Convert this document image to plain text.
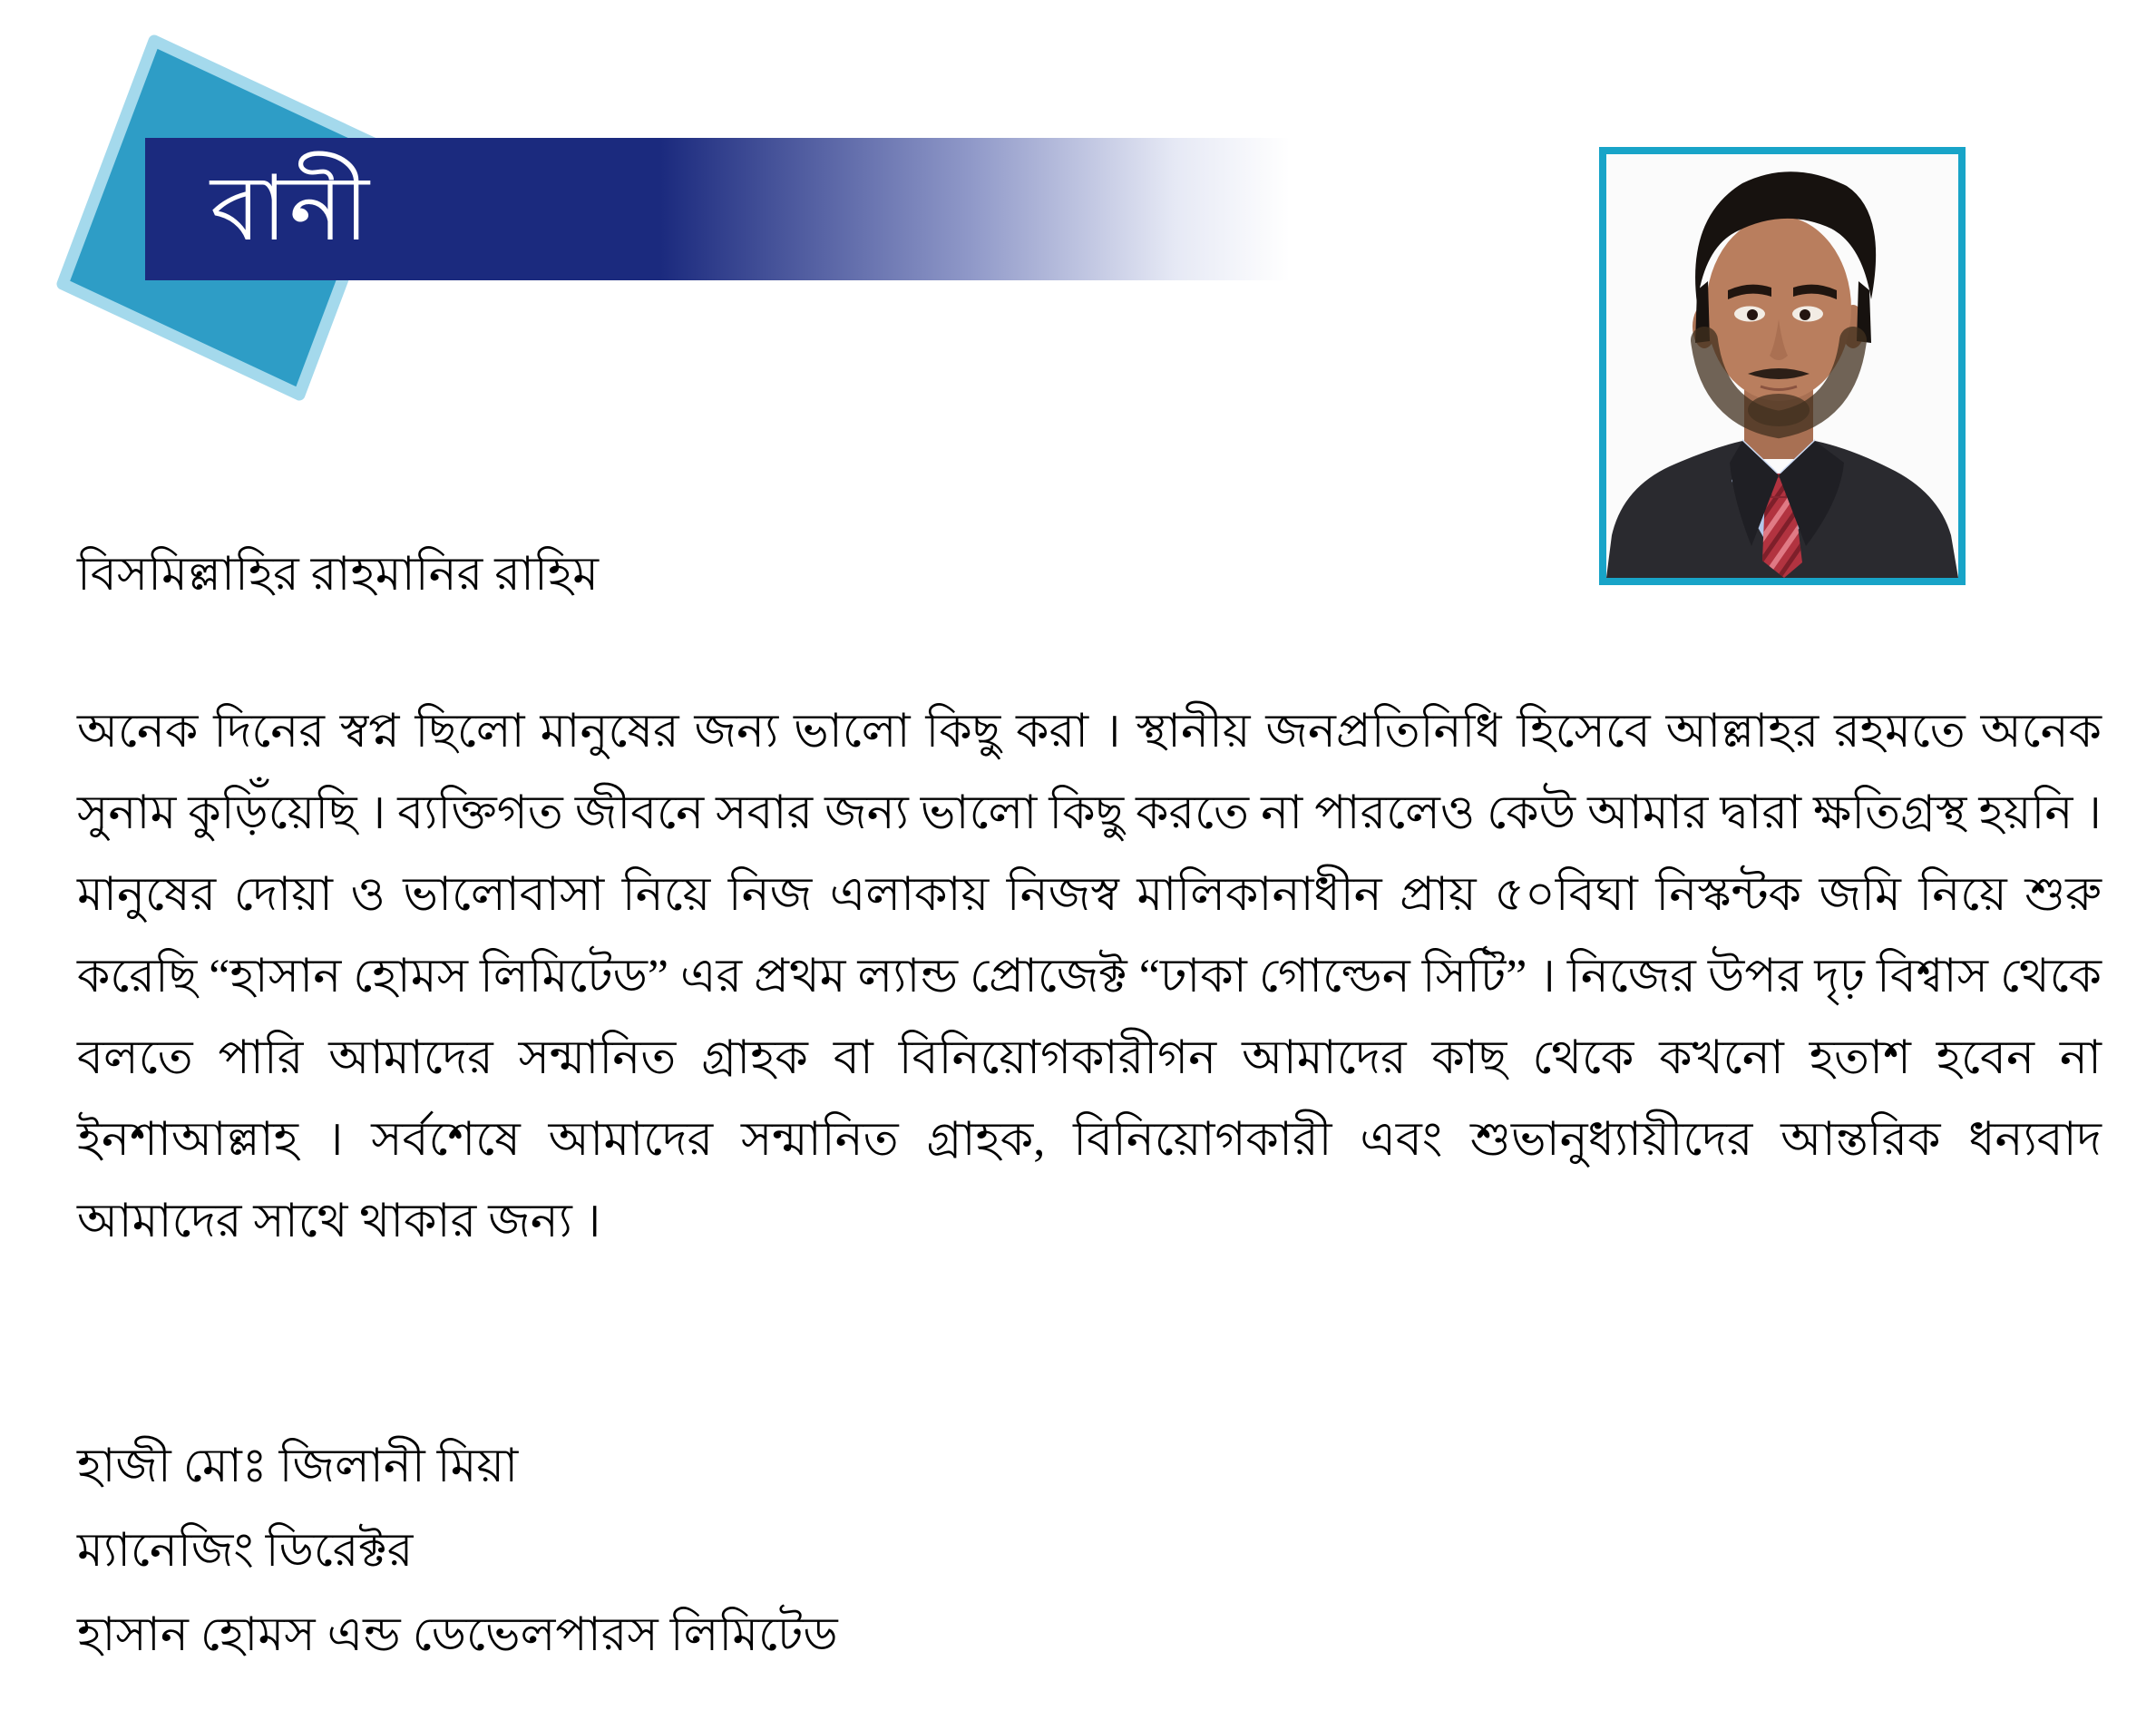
বানী
বিসমিল্লাহির রাহমানির রাহিম
অনেক দিনের স্বপ্ন ছিলো মানুষের জন্য ভালো কিছু করা । স্থানীয় জনপ্রতিনিধি হিসেবে আল্লাহর রহমতে অনেক সুনাম কুড়িঁয়েছি । ব্যক্তিগত জীবনে সবার জন্য ভালো কিছু করতে না পারলেও কেউ আমার দ্বারা ক্ষতিগ্রস্থ হয়নি । মানুষের দোয়া ও ভালোবাসা নিয়ে নিজ এলাকায় নিজস্ব মালিকানাধীন প্রায় ৫০বিঘা নিস্কন্টক জমি নিয়ে শুরু করেছি “হাসান হোমস লিমিটেড” এর প্রথম ল্যান্ড প্রোজেক্ট “ঢাকা গোল্ডেন সিটি” । নিজের উপর দৃঢ় বিশ্বাস থেকে বলতে পারি আমাদের সন্মানিত গ্রাহক বা বিনিয়োগকারীগন আমাদের কাছ থেকে কখনো হতাশ হবেন না ইনশাআল্লাহ । সর্বশেষে আমাদের সন্মানিত গ্রাহক, বিনিয়োগকারী এবং শুভানুধ্যায়ীদের আন্তরিক ধন্যবাদ আমাদের সাথে থাকার জন্য ।
হাজী মোঃ জিলানী মিয়া
ম্যানেজিং ডিরেক্টর
হাসান হোমস এন্ড ডেভেলপারস লিমিটেড
